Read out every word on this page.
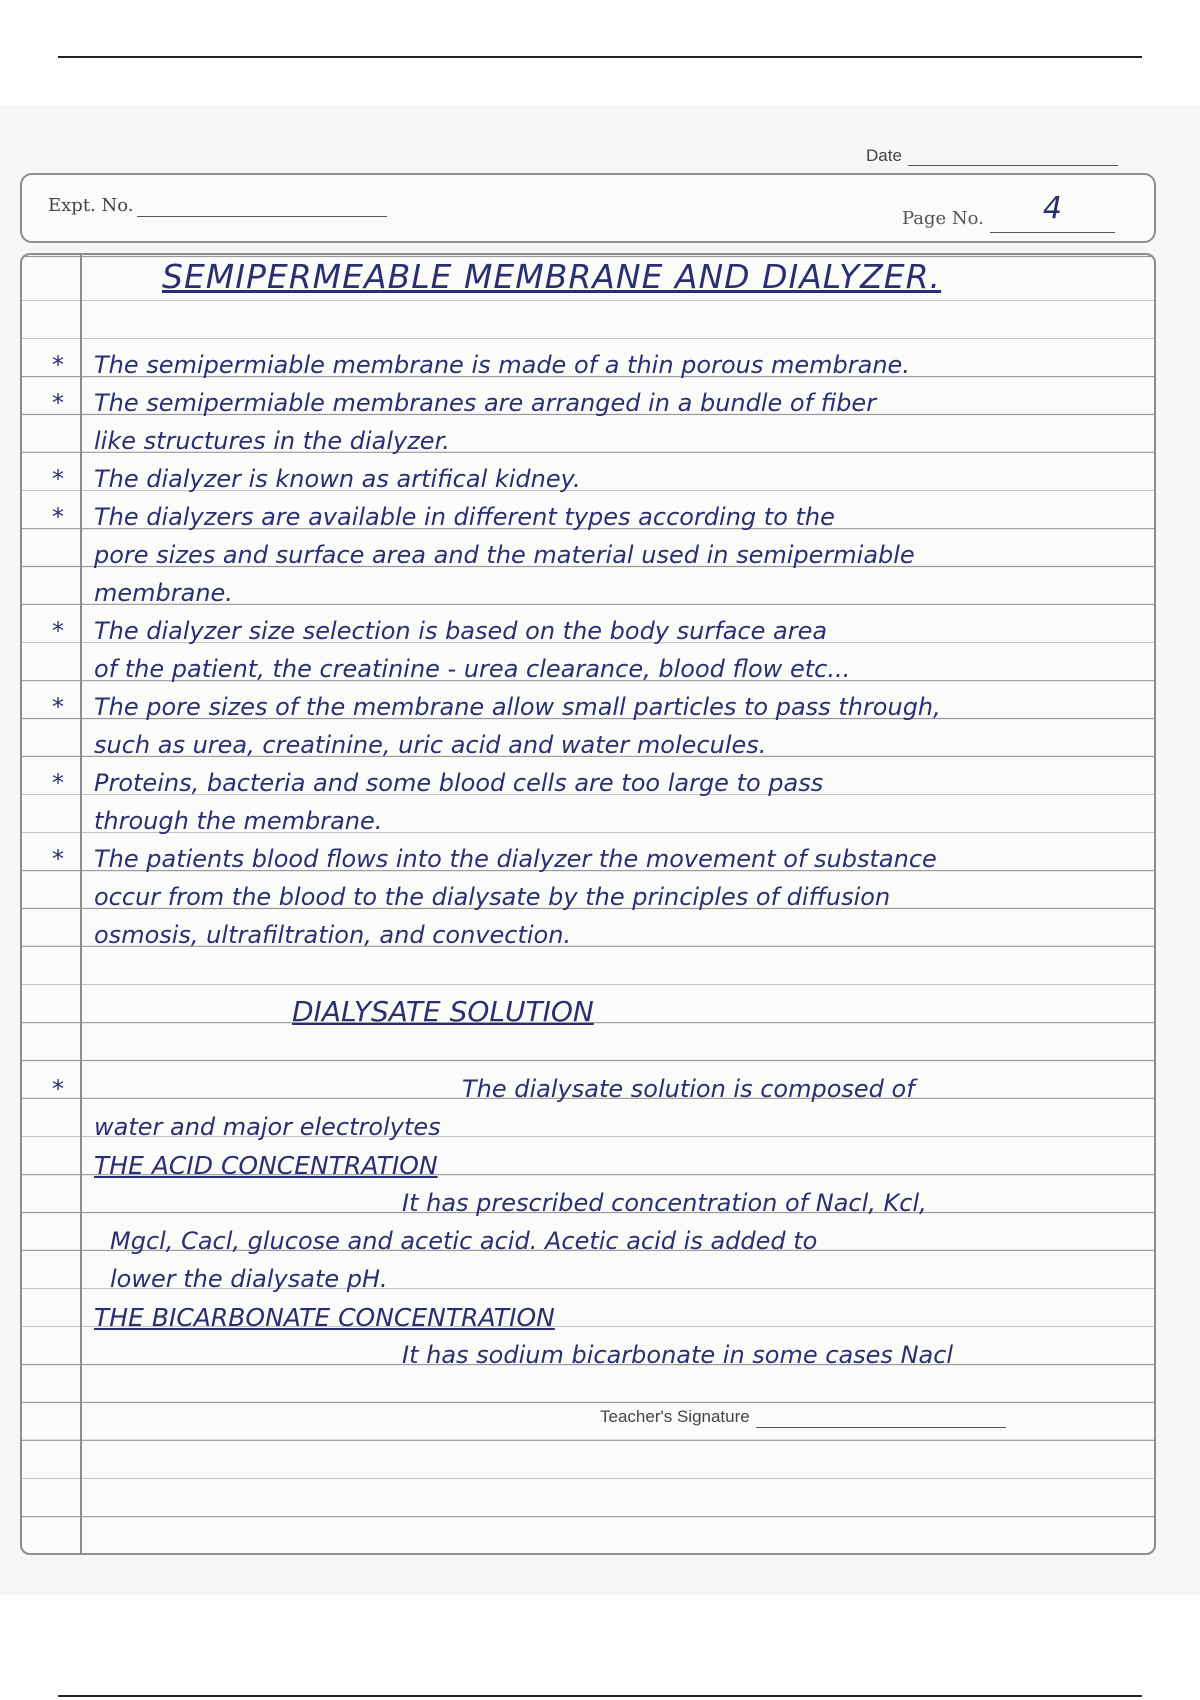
Date
Expt. No.
Page No. 4
SEMIPERMEABLE MEMBRANE AND DIALYZER.
* The semipermiable membrane is made of a thin porous membrane.
* The semipermiable membranes are arranged in a bundle of fiber
like structures in the dialyzer.
* The dialyzer is known as artifical kidney.
* The dialyzers are available in different types according to the
pore sizes and surface area and the material used in semipermiable
membrane.
* The dialyzer size selection is based on the body surface area
of the patient, the creatinine - urea clearance, blood flow etc...
* The pore sizes of the membrane allow small particles to pass through,
such as urea, creatinine, uric acid and water molecules.
* Proteins, bacteria and some blood cells are too large to pass
through the membrane.
* The patients blood flows into the dialyzer the movement of substance
occur from the blood to the dialysate by the principles of diffusion
osmosis, ultrafiltration, and convection.
DIALYSATE SOLUTION
*	The dialysate solution is composed of
water and major electrolytes
THE ACID CONCENTRATION
It has prescribed concentration of Nacl, Kcl,
Mgcl, Cacl, glucose and acetic acid. Acetic acid is added to
lower the dialysate pH.
THE BICARBONATE CONCENTRATION
It has sodium bicarbonate in some cases Nacl
Teacher's Signature
